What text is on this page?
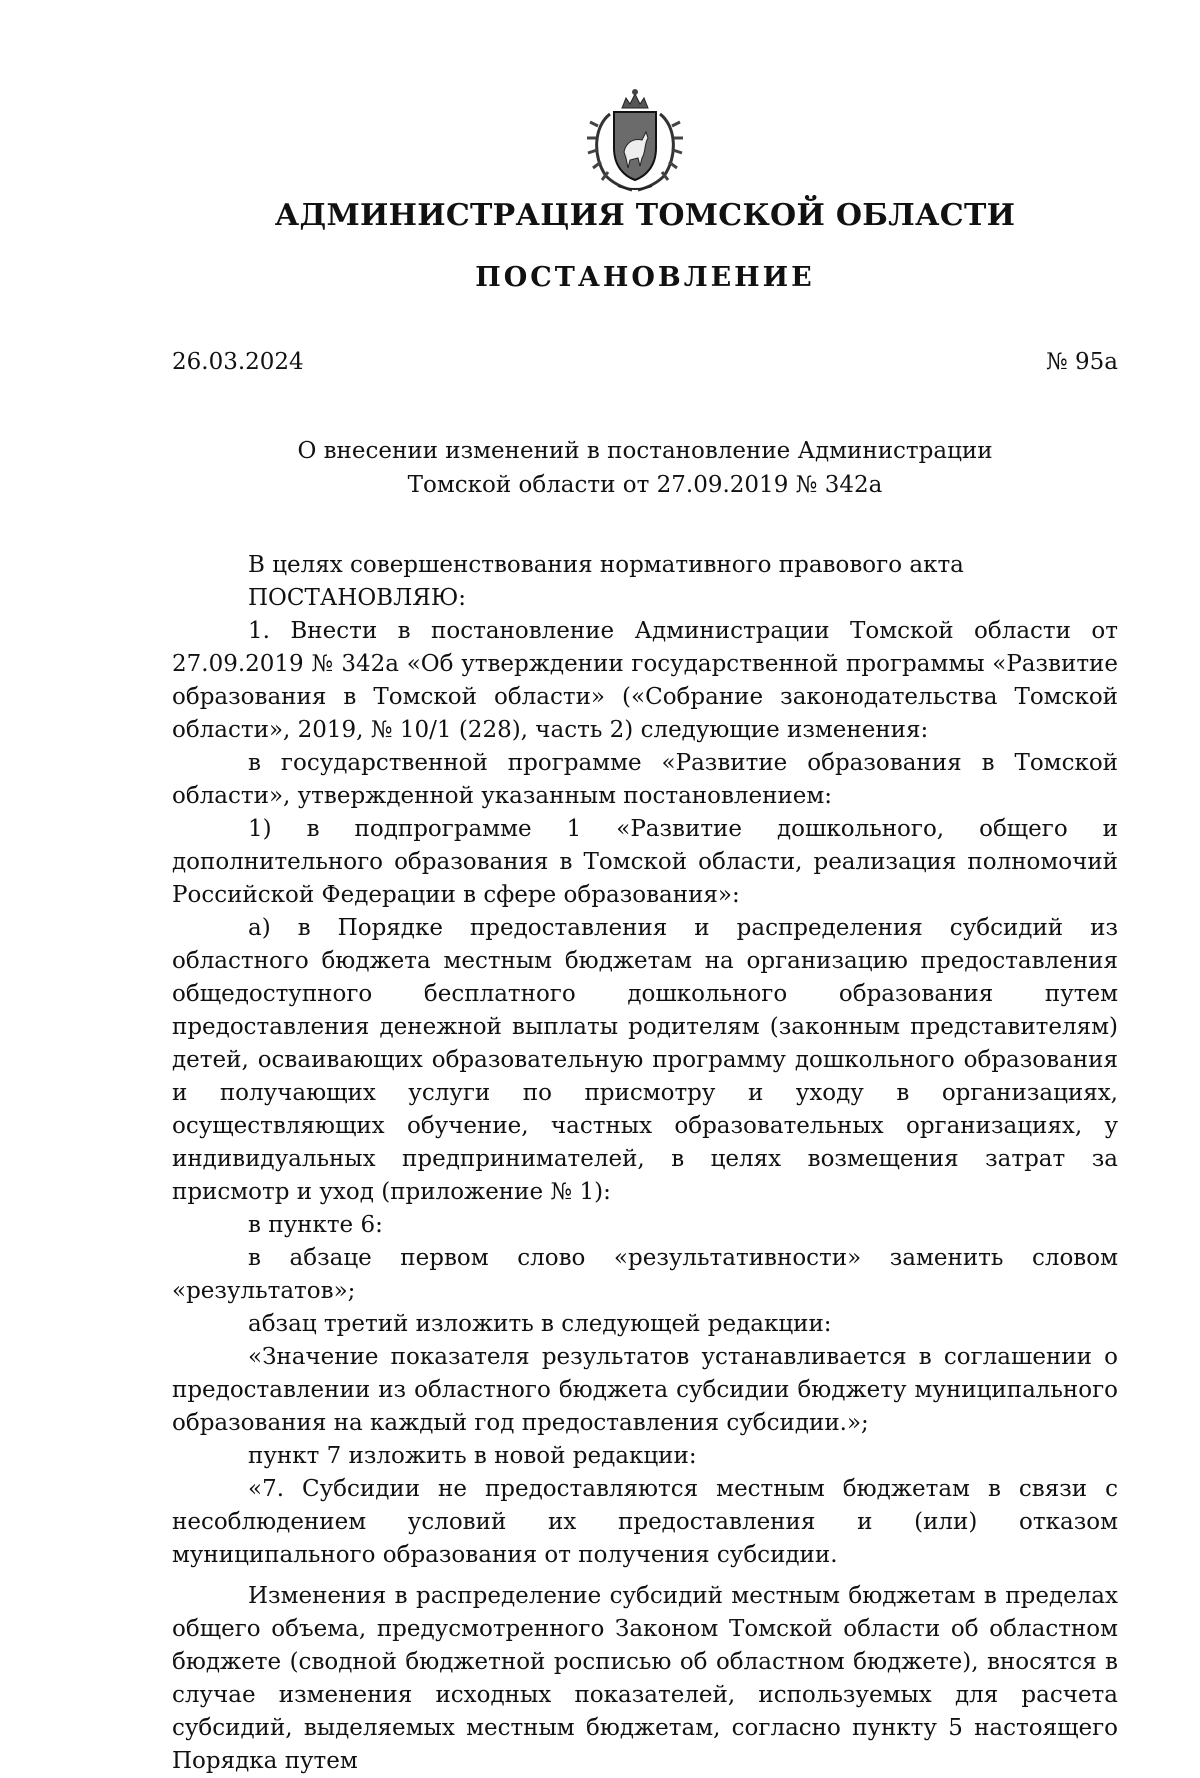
АДМИНИСТРАЦИЯ ТОМСКОЙ ОБЛАСТИ
ПОСТАНОВЛЕНИЕ
26.03.2024	№ 95а
О внесении изменений в постановление Администрации
Томской области от 27.09.2019 № 342а

В целях совершенствования нормативного правового акта

ПОСТАНОВЛЯЮ:

1. Внести в постановление Администрации Томской области от 27.09.2019 № 342а «Об утверждении государственной программы «Развитие образования в Томской области» («Собрание законодательства Томской области», 2019, № 10/1 (228), часть 2) следующие изменения:

в государственной программе «Развитие образования в Томской области», утвержденной указанным постановлением:

1) в подпрограмме 1 «Развитие дошкольного, общего и дополнительного образования в Томской области, реализация полномочий Российской Федерации в сфере образования»:

а) в Порядке предоставления и распределения субсидий из областного бюджета местным бюджетам на организацию предоставления общедоступного бесплатного дошкольного образования путем предоставления денежной выплаты родителям (законным представителям) детей, осваивающих образовательную программу дошкольного образования и получающих услуги по присмотру и уходу в организациях, осуществляющих обучение, частных образовательных организациях, у индивидуальных предпринимателей, в целях возмещения затрат за присмотр и уход (приложение № 1):

в пункте 6:

в абзаце первом слово «результативности» заменить словом «результатов»;

абзац третий изложить в следующей редакции:

«Значение показателя результатов устанавливается в соглашении о предоставлении из областного бюджета субсидии бюджету муниципального образования на каждый год предоставления субсидии.»;

пункт 7 изложить в новой редакции:

«7. Субсидии не предоставляются местным бюджетам в связи с несоблюдением условий их предоставления и (или) отказом муниципального образования от получения субсидии.

Изменения в распределение субсидий местным бюджетам в пределах общего объема, предусмотренного Законом Томской области об областном бюджете (сводной бюджетной росписью об областном бюджете), вносятся в случае изменения исходных показателей, используемых для расчета субсидий, выделяемых местным бюджетам, согласно пункту 5 настоящего Порядка путем
